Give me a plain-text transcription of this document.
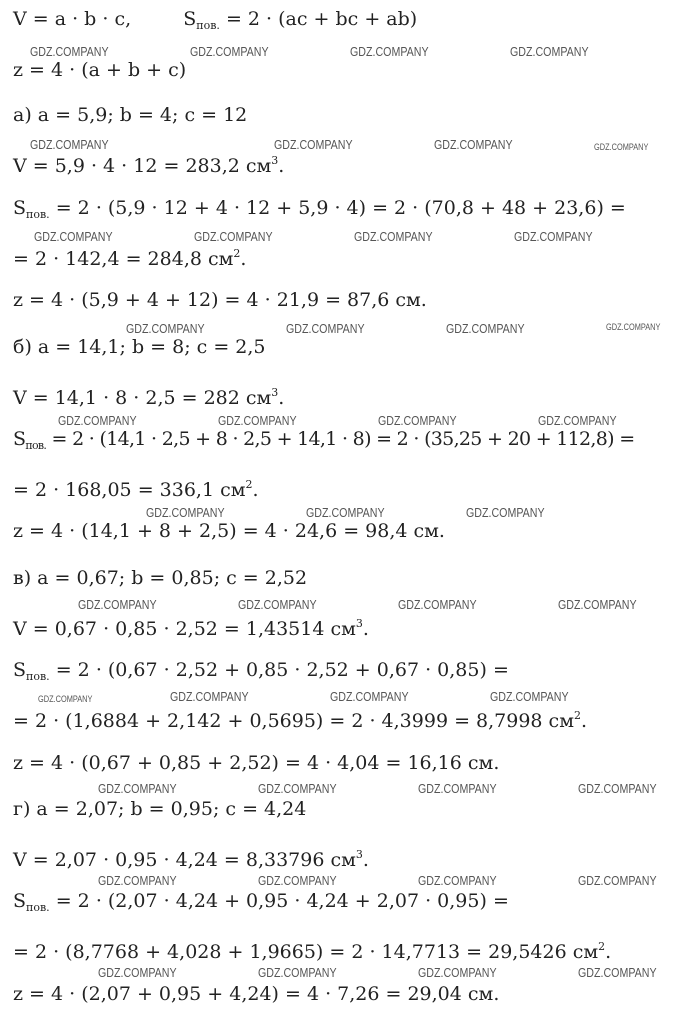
V = a · b · c,	$S_{пов.} = 2 \cdot (ac$ + bc + ab)
z = 4 · (a + b + c)
а) a = 5,9; b = 4; c = 12
V = 5,9 · 4 · 12 = 283,2 $см^3$.
$S_{пов.} = 2 \cdot (5,9 \cdot 12 + 4 \cdot 12 + 5,9 \cdot 4) = 2 \cdot (70,8 + 48 + 23,6)$ =
= 2 · 142,4 = 284,8 $см^2$.
z = 4 · (5,9 + 4 + 12) = 4 · 21,9 = 87,6 см.
б) a = 14,1; b = 8; c = 2,5
V = 14,1 · 8 · 2,5 = 282 $см^3$.
$S_{пов.} = 2 \cdot (14,1 \cdot 2,5 + 8 \cdot 2,5 + 14,1 \cdot 8) = 2 \cdot (35,25 + 20 + 112,8)$ =
= 2 · 168,05 = 336,1 $см^2$.
z = 4 · (14,1 + 8 + 2,5) = 4 · 24,6 = 98,4 см.
в) a = 0,67; b = 0,85; c = 2,52
V = 0,67 · 0,85 · 2,52 = 1,43514 $см^3$.
$S_{пов.} = 2 \cdot (0,67 \cdot 2,52 + 0,85 \cdot 2,52 + 0,67 \cdot 0,85)$ =
= 2 · (1,6884 + 2,142 + 0,5695) = 2 · 4,3999 = 8,7998 $см^2$.
z = 4 · (0,67 + 0,85 + 2,52) = 4 · 4,04 = 16,16 см.
г) a = 2,07; b = 0,95; c = 4,24
V = 2,07 · 0,95 · 4,24 = 8,33796 $см^3$.
$S_{пов.} = 2 \cdot (2,07 \cdot 4,24 + 0,95 \cdot 4,24 + 2,07 \cdot 0,95)$ =
= 2 · (8,7768 + 4,028 + 1,9665) = 2 · 14,7713 = 29,5426 $см^2$.
z = 4 · (2,07 + 0,95 + 4,24) = 4 · 7,26 = 29,04 см.
GDZ.COMPANY	GDZ.COMPANY	GDZ.COMPANY	GDZ.COMPANY
GDZ.COMPANY	GDZ.COMPANY	GDZ.COMPANY	GDZ.COMPANY
GDZ.COMPANY	GDZ.COMPANY	GDZ.COMPANY	GDZ.COMPANY
GDZ.COMPANY	GDZ.COMPANY	GDZ.COMPANY	GDZ.COMPANY
GDZ.COMPANY	GDZ.COMPANY	GDZ.COMPANY	GDZ.COMPANY
GDZ.COMPANY	GDZ.COMPANY	GDZ.COMPANY
GDZ.COMPANY	GDZ.COMPANY	GDZ.COMPANY	GDZ.COMPANY
GDZ.COMPANY	GDZ.COMPANY	GDZ.COMPANY	GDZ.COMPANY
GDZ.COMPANY	GDZ.COMPANY	GDZ.COMPANY	GDZ.COMPANY
GDZ.COMPANY	GDZ.COMPANY	GDZ.COMPANY	GDZ.COMPANY
GDZ.COMPANY	GDZ.COMPANY	GDZ.COMPANY	GDZ.COMPANY
